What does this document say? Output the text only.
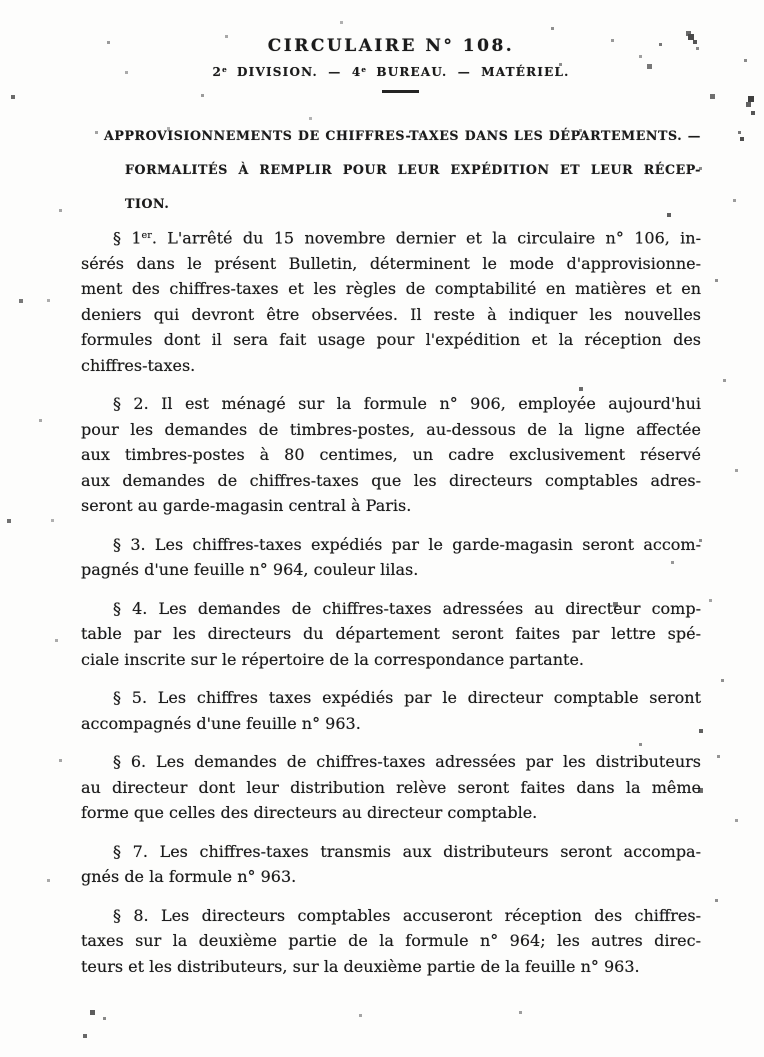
CIRCULAIRE N° 108.
2e DIVISION. — 4e BUREAU. — MATÉRIEL.
APPROVISIONNEMENTS DE CHIFFRES-TAXES DANS LES DÉPARTEMENTS. —
FORMALITÉS À REMPLIR POUR LEUR EXPÉDITION ET LEUR RÉCEP-
TION.
§ 1er. L'arrêté du 15 novembre dernier et la circulaire n° 106, in-
sérés dans le présent Bulletin, déterminent le mode d'approvisionne-
ment des chiffres-taxes et les règles de comptabilité en matières et en
deniers qui devront être observées. Il reste à indiquer les nouvelles
formules dont il sera fait usage pour l'expédition et la réception des
chiffres-taxes.
§ 2. Il est ménagé sur la formule n° 906, employée aujourd'hui
pour les demandes de timbres-postes, au-dessous de la ligne affectée
aux timbres-postes à 80 centimes, un cadre exclusivement réservé
aux demandes de chiffres-taxes que les directeurs comptables adres-
seront au garde-magasin central à Paris.
§ 3. Les chiffres-taxes expédiés par le garde-magasin seront accom-
pagnés d'une feuille n° 964, couleur lilas.
§ 4. Les demandes de chiffres-taxes adressées au directeur comp-
table par les directeurs du département seront faites par lettre spé-
ciale inscrite sur le répertoire de la correspondance partante.
§ 5. Les chiffres taxes expédiés par le directeur comptable seront
accompagnés d'une feuille n° 963.
§ 6. Les demandes de chiffres-taxes adressées par les distributeurs
au directeur dont leur distribution relève seront faites dans la même
forme que celles des directeurs au directeur comptable.
§ 7. Les chiffres-taxes transmis aux distributeurs seront accompa-
gnés de la formule n° 963.
§ 8. Les directeurs comptables accuseront réception des chiffres-
taxes sur la deuxième partie de la formule n° 964; les autres direc-
teurs et les distributeurs, sur la deuxième partie de la feuille n° 963.
